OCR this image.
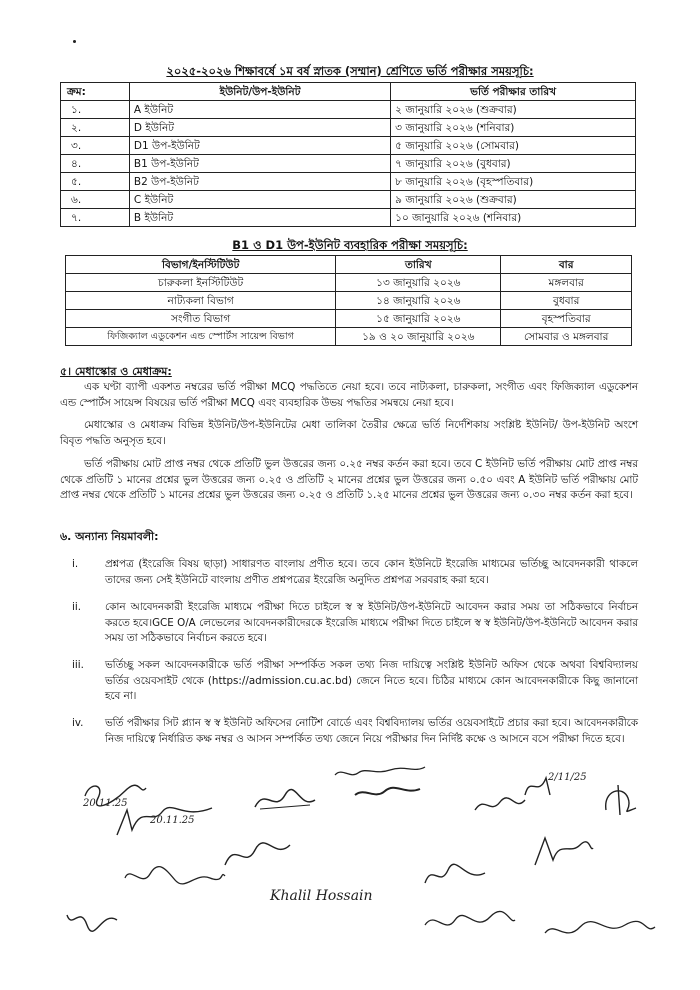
২০২৫-২০২৬ শিক্ষাবর্ষে ১ম বর্ষ স্নাতক (সম্মান) শ্রেণিতে ভর্তি পরীক্ষার সময়সূচি:
ক্রম:	ইউনিট/উপ-ইউনিট	ভর্তি পরীক্ষার তারিখ
১.	A ইউনিট	২ জানুয়ারি ২০২৬ (শুক্রবার)
২.	D ইউনিট	৩ জানুয়ারি ২০২৬ (শনিবার)
৩.	D1 উপ-ইউনিট	৫ জানুয়ারি ২০২৬ (সোমবার)
৪.	B1 উপ-ইউনিট	৭ জানুয়ারি ২০২৬ (বুধবার)
৫.	B2 উপ-ইউনিট	৮ জানুয়ারি ২০২৬ (বৃহস্পতিবার)
৬.	C ইউনিট	৯ জানুয়ারি ২০২৬ (শুক্রবার)
৭.	B ইউনিট	১০ জানুয়ারি ২০২৬ (শনিবার)
B1 ও D1 উপ-ইউনিট ব্যবহারিক পরীক্ষা সময়সূচি:
বিভাগ/ইনস্টিটিউট	তারিখ	বার
চারুকলা ইনস্টিটিউট	১৩ জানুয়ারি ২০২৬	মঙ্গলবার
নাট্যকলা বিভাগ	১৪ জানুয়ারি ২০২৬	বুধবার
সংগীত বিভাগ	১৫ জানুয়ারি ২০২৬	বৃহস্পতিবার
ফিজিক্যাল এডুকেশন এন্ড স্পোর্টস সায়েন্স বিভাগ	১৯ ও ২০ জানুয়ারি ২০২৬	সোমবার ও মঙ্গলবার
৫। মেধাস্কোর ও মেধাক্রম:
এক ঘণ্টা ব্যাপী একশত নম্বরের ভর্তি পরীক্ষা MCQ পদ্ধতিতে নেয়া হবে। তবে নাট্যকলা, চারুকলা, সংগীত এবং ফিজিক্যাল এডুকেশন এন্ড স্পোর্টস সায়েন্স বিষয়ের ভর্তি পরীক্ষা MCQ এবং ব্যবহারিক উভয় পদ্ধতির সমন্বয়ে নেয়া হবে।
মেধাস্কোর ও মেধাক্রম বিভিন্ন ইউনিট/উপ-ইউনিটের মেধা তালিকা তৈরীর ক্ষেত্রে ভর্তি নির্দেশিকায় সংশ্লিষ্ট ইউনিট/ উপ-ইউনিট অংশে বিবৃত পদ্ধতি অনুসৃত হবে।
ভর্তি পরীক্ষায় মোট প্রাপ্ত নম্বর থেকে প্রতিটি ভুল উত্তরের জন্য ০.২৫ নম্বর কর্তন করা হবে। তবে C ইউনিট ভর্তি পরীক্ষায় মোট প্রাপ্ত নম্বর থেকে প্রতিটি ১ মানের প্রশ্নের ভুল উত্তরের জন্য ০.২৫ ও প্রতিটি ২ মানের প্রশ্নের ভুল উত্তরের জন্য ০.৫০ এবং A ইউনিট ভর্তি পরীক্ষায় মোট প্রাপ্ত নম্বর থেকে প্রতিটি ১ মানের প্রশ্নের ভুল উত্তরের জন্য ০.২৫ ও প্রতিটি ১.২৫ মানের প্রশ্নের ভুল উত্তরের জন্য ০.৩০ নম্বর কর্তন করা হবে।
৬. অন্যান্য নিয়মাবলী:
i.	প্রশ্নপত্র (ইংরেজি বিষয় ছাড়া) সাধারণত বাংলায় প্রণীত হবে। তবে কোন ইউনিটে ইংরেজি মাধ্যমের ভর্তিচ্ছু আবেদনকারী থাকলে তাদের জন্য সেই ইউনিটে বাংলায় প্রণীত প্রশ্নপত্রের ইংরেজি অনুদিত প্রশ্নপত্র সরবরাহ করা হবে।
ii. কোন আবেদনকারী ইংরেজি মাধ্যমে পরীক্ষা দিতে চাইলে স্ব স্ব ইউনিট/উপ-ইউনিটে আবেদন করার সময় তা সঠিকভাবে নির্বাচন করতে হবে।GCE O/A লেভেলের আবেদনকারীদেরকে ইংরেজি মাধ্যমে পরীক্ষা দিতে চাইলে স্ব স্ব ইউনিট/উপ-ইউনিটে আবেদন করার সময় তা সঠিকভাবে নির্বাচন করতে হবে।
iii. ভর্তিচ্ছু সকল আবেদনকারীকে ভর্তি পরীক্ষা সম্পর্কিত সকল তথ্য নিজ দায়িত্বে সংশ্লিষ্ট ইউনিট অফিস থেকে অথবা বিশ্ববিদ্যালয় ভর্তির ওয়েবসাইট থেকে (https://admission.cu.ac.bd) জেনে নিতে হবে। চিঠির মাধ্যমে কোন আবেদনকারীকে কিছু জানানো হবে না।
iv. ভর্তি পরীক্ষার সিট প্ল্যান স্ব স্ব ইউনিট অফিসের নোটিশ বোর্ডে এবং বিশ্ববিদ্যালয় ভর্তির ওয়েবসাইটে প্রচার করা হবে। আবেদনকারীকে নিজ দায়িত্বে নির্ধারিত কক্ষ নম্বর ও আসন সম্পর্কিত তথ্য জেনে নিয়ে পরীক্ষার দিন নির্দিষ্ট কক্ষে ও আসনে বসে পরীক্ষা দিতে হবে।
20.11.25
20.11.25
2/11/25
Khalil Hossain
